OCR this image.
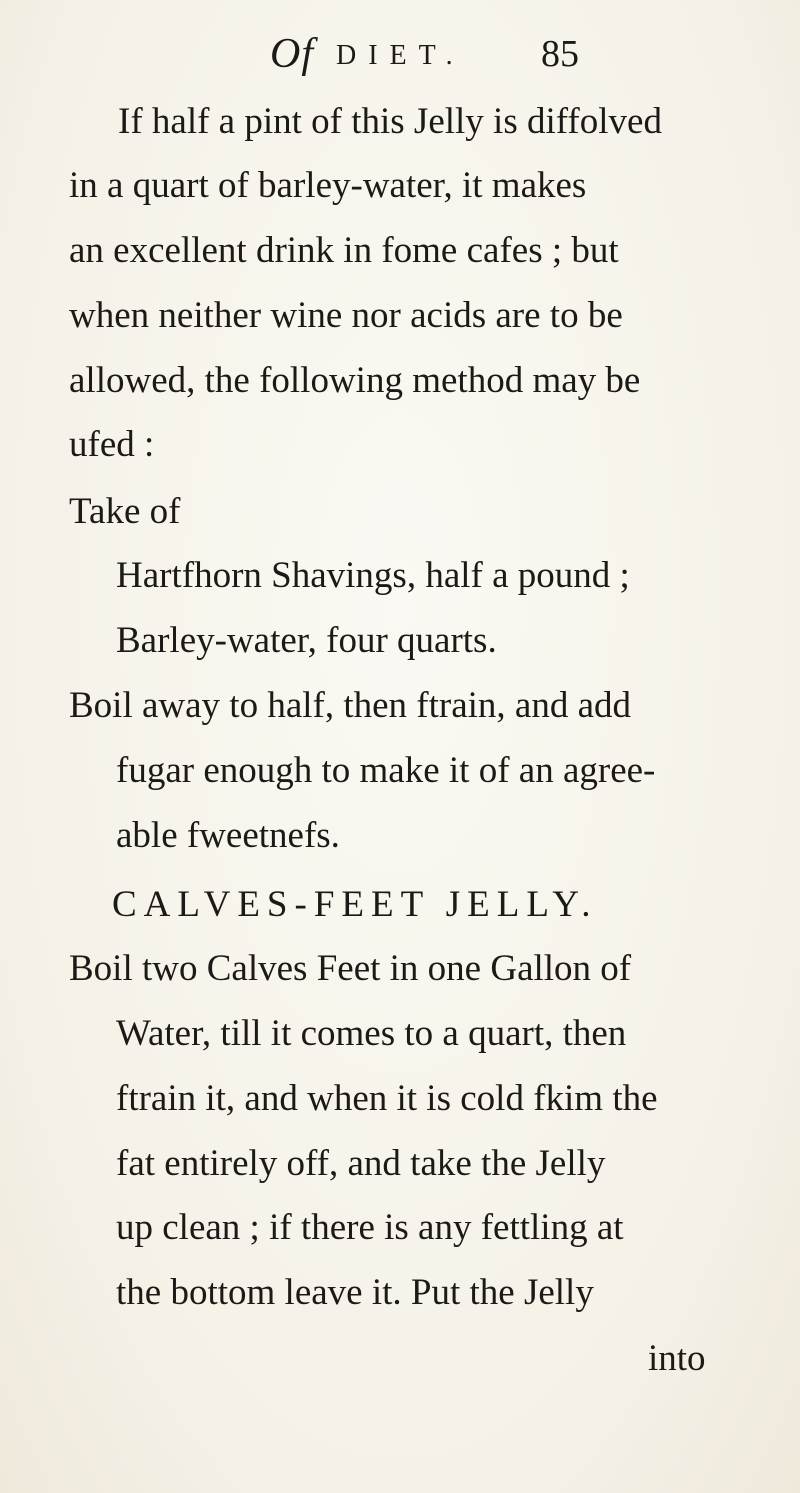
Of DIET. 85
If half a pint of this Jelly is diffolved
in a quart of barley-water, it makes
an excellent drink in fome cafes ; but
when neither wine nor acids are to be
allowed, the following method may be
ufed :
Take of
Hartfhorn Shavings, half a pound ;
Barley-water, four quarts.
Boil away to half, then ftrain, and add
fugar enough to make it of an agree-
able fweetnefs.
CALVES-FEET JELLY.
Boil two Calves Feet in one Gallon of
Water, till it comes to a quart, then
ftrain it, and when it is cold fkim the
fat entirely off, and take the Jelly
up clean ; if there is any fettling at
the bottom leave it. Put the Jelly
into
